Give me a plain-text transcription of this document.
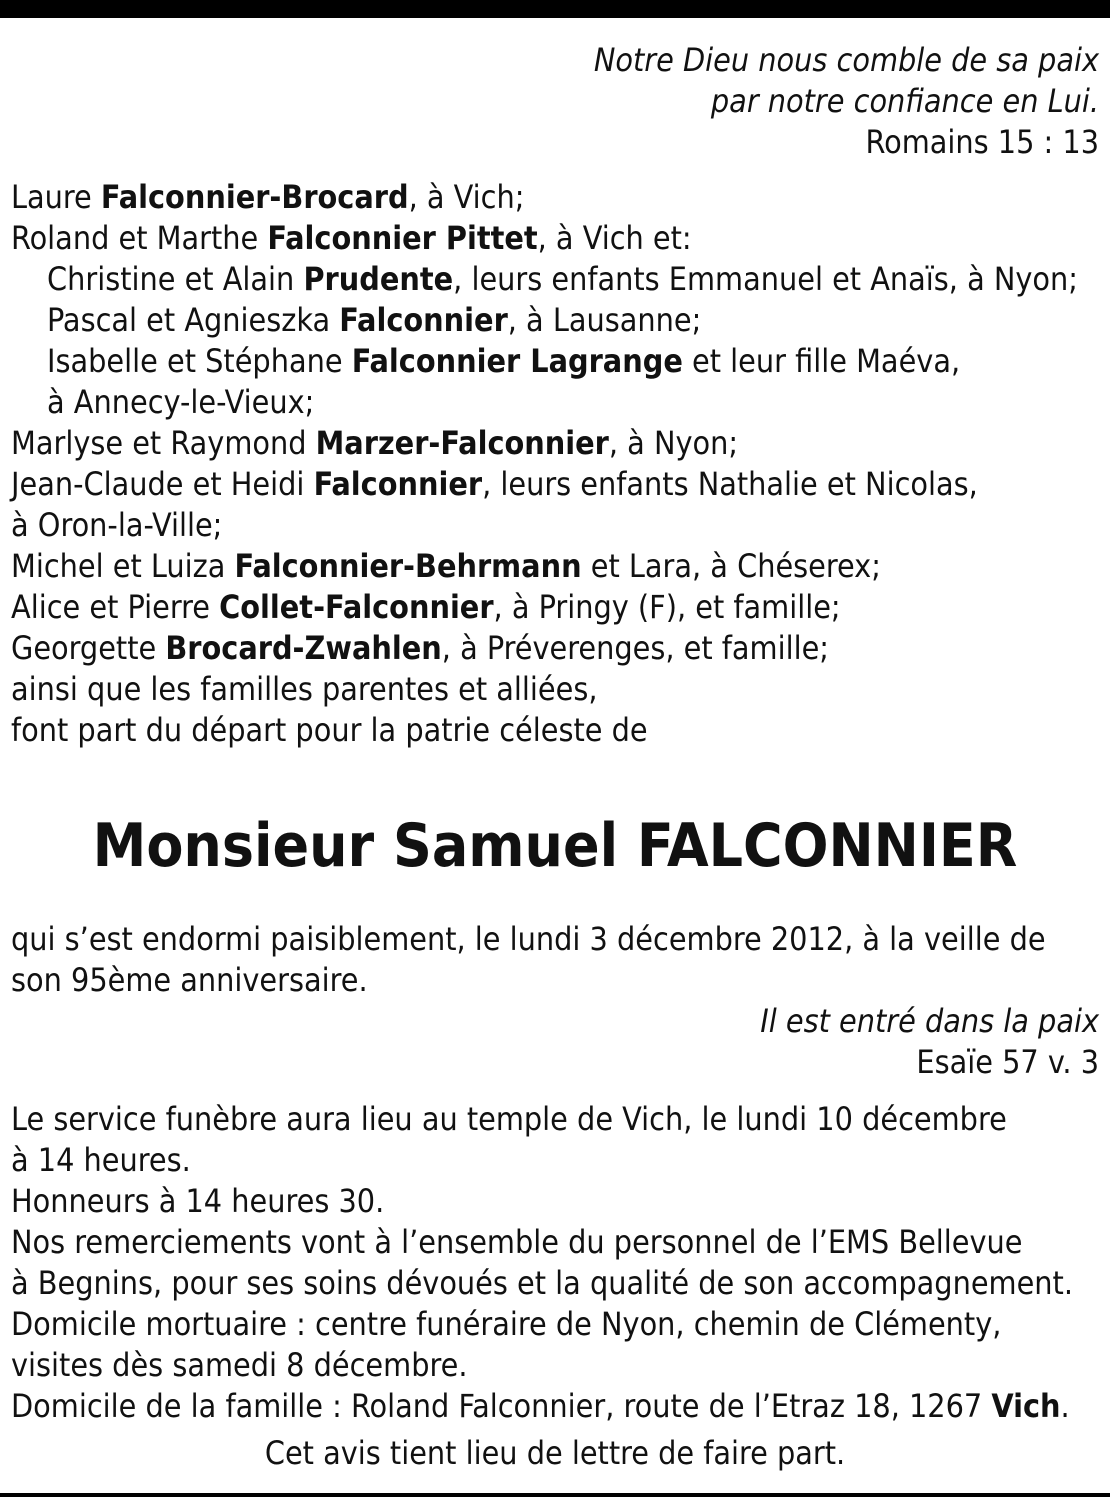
Notre Dieu nous comble de sa paix
par notre confiance en Lui.
Romains 15 : 13
Laure Falconnier-Brocard, à Vich;
Roland et Marthe Falconnier Pittet, à Vich et:
Christine et Alain Prudente, leurs enfants Emmanuel et Anaïs, à Nyon;
Pascal et Agnieszka Falconnier, à Lausanne;
Isabelle et Stéphane Falconnier Lagrange et leur fille Maéva,
à Annecy-le-Vieux;
Marlyse et Raymond Marzer-Falconnier, à Nyon;
Jean-Claude et Heidi Falconnier, leurs enfants Nathalie et Nicolas,
à Oron-la-Ville;
Michel et Luiza Falconnier-Behrmann et Lara, à Chéserex;
Alice et Pierre Collet-Falconnier, à Pringy (F), et famille;
Georgette Brocard-Zwahlen, à Préverenges, et famille;
ainsi que les familles parentes et alliées,
font part du départ pour la patrie céleste de
Monsieur Samuel FALCONNIER
qui s’est endormi paisiblement, le lundi 3 décembre 2012, à la veille de
son 95ème anniversaire.
Il est entré dans la paix
Esaïe 57 v. 3
Le service funèbre aura lieu au temple de Vich, le lundi 10 décembre
à 14 heures.
Honneurs à 14 heures 30.
Nos remerciements vont à l’ensemble du personnel de l’EMS Bellevue
à Begnins, pour ses soins dévoués et la qualité de son accompagnement.
Domicile mortuaire : centre funéraire de Nyon, chemin de Clémenty,
visites dès samedi 8 décembre.
Domicile de la famille : Roland Falconnier, route de l’Etraz 18, 1267 Vich.
Cet avis tient lieu de lettre de faire part.
